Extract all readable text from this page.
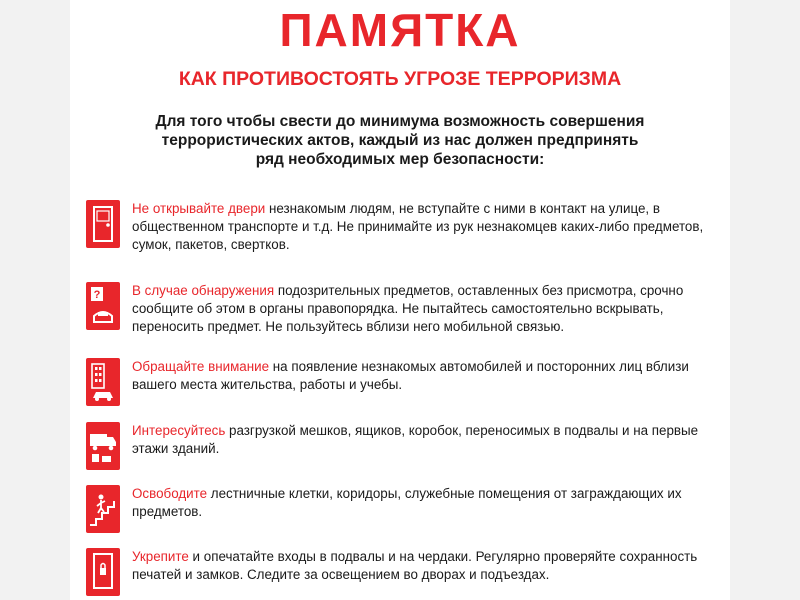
ПАМЯТКА
КАК ПРОТИВОСТОЯТЬ УГРОЗЕ ТЕРРОРИЗМА
Для того чтобы свести до минимума возможность совершения
террористических актов, каждый из нас должен предпринять
ряд необходимых мер безопасности:
Не открывайте двери незнакомым людям, не вступайте с ними в контакт на улице, в общественном транспорте и т.д. Не принимайте из рук незнакомцев каких-либо предметов, сумок, пакетов, свертков.
? В случае обнаружения подозрительных предметов, оставленных без присмотра, срочно сообщите об этом в органы правопорядка. Не пытайтесь самостоятельно вскрывать, переносить предмет. Не пользуйтесь вблизи него мобильной связью.
Обращайте внимание на появление незнакомых автомобилей и посторонних лиц вблизи вашего места жительства, работы и учебы.
Интересуйтесь разгрузкой мешков, ящиков, коробок, переносимых в подвалы и на первые этажи зданий.
Освободите лестничные клетки, коридоры, служебные помещения от заграждающих их предметов.
Укрепите и опечатайте входы в подвалы и на чердаки. Регулярно проверяйте сохранность печатей и замков. Следите за освещением во дворах и подъездах.
